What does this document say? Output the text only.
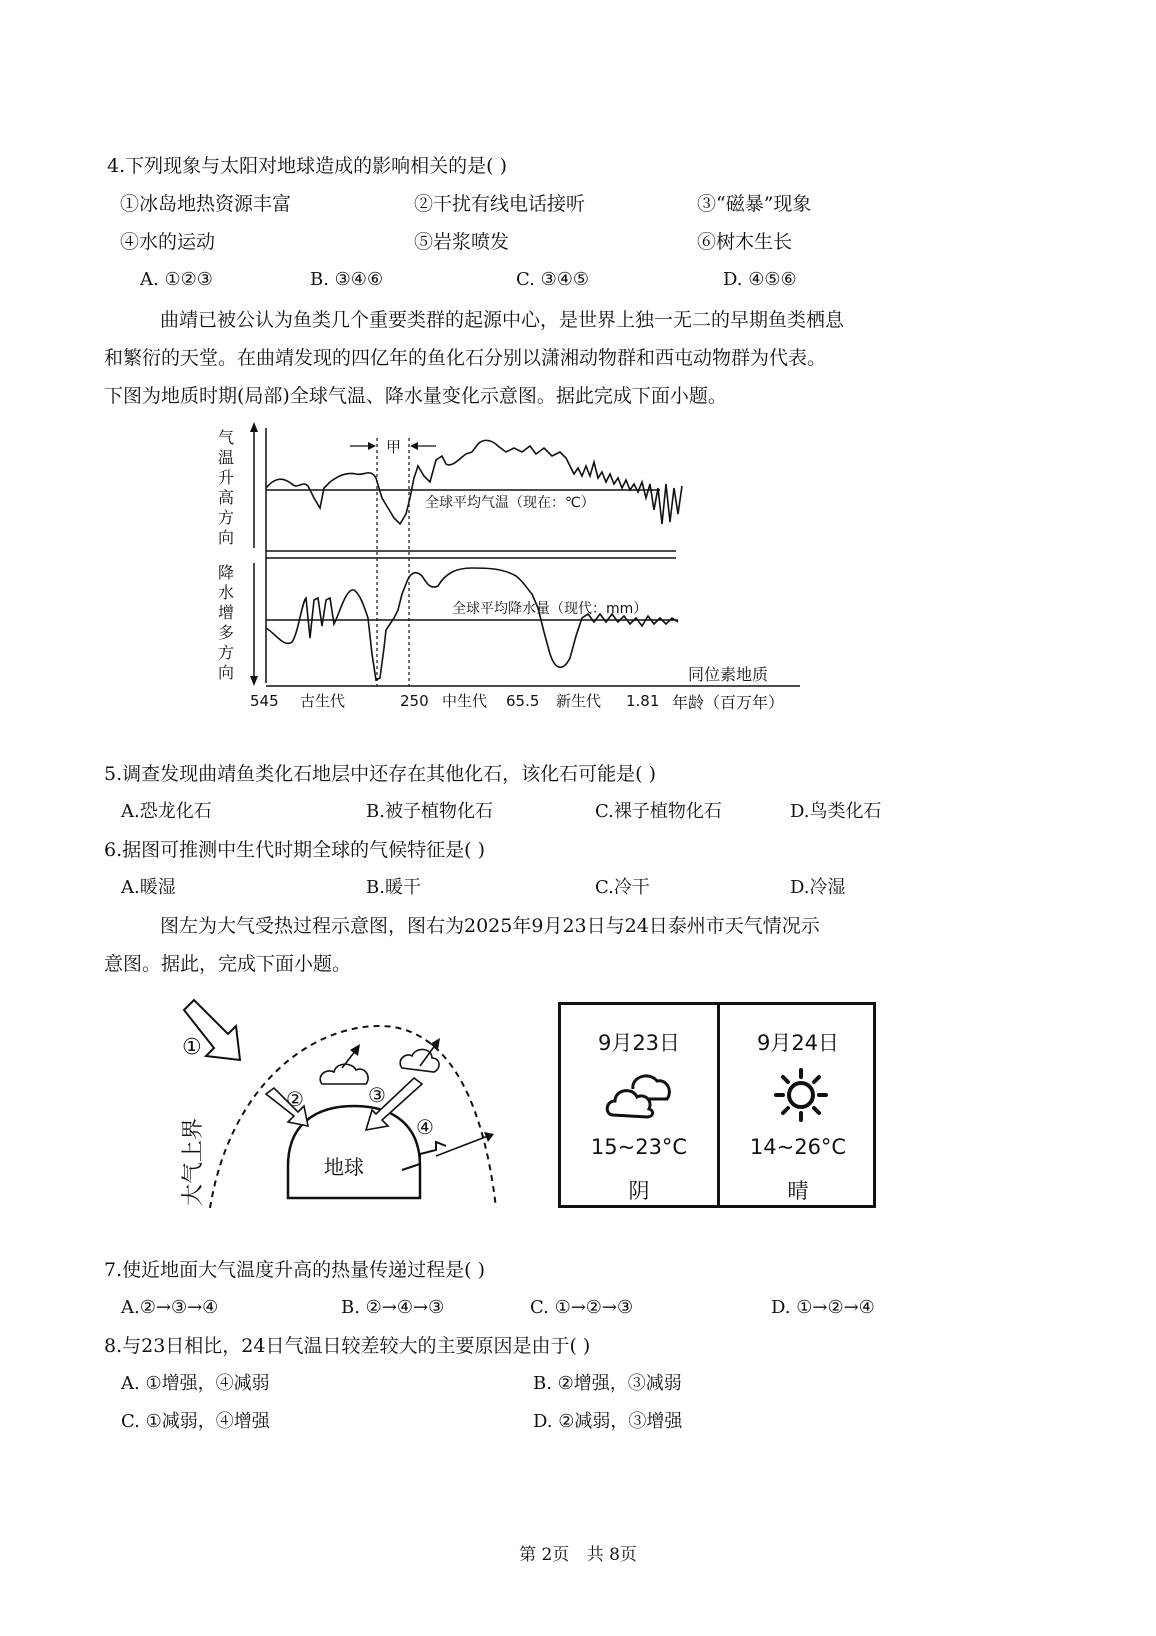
4.下列现象与太阳对地球造成的影响相关的是( )
①冰岛地热资源丰富	②干扰有线电话接听	③“磁暴”现象
④水的运动	⑤岩浆喷发	⑥树木生长
A. ①②③	B. ③④⑥	C. ③④⑤	D. ④⑤⑥
曲靖已被公认为鱼类几个重要类群的起源中心，是世界上独一无二的早期鱼类栖息
和繁衍的天堂。在曲靖发现的四亿年的鱼化石分别以潇湘动物群和西屯动物群为代表。
下图为地质时期(局部)全球气温、降水量变化示意图。据此完成下面小题。
气
温
升
高
方
向
降
水
增
多
方
向
甲
全球平均气温（现在：℃）
全球平均降水量（现代：mm）
545 古生代	250 中生代 65.5 新生代 1.81
同位素地质
年龄（百万年）
5.调查发现曲靖鱼类化石地层中还存在其他化石，该化石可能是( )
A.恐龙化石	B.被子植物化石	C.裸子植物化石	D.鸟类化石
6.据图可推测中生代时期全球的气候特征是( )
A.暖湿	B.暖干	C.冷干	D.冷湿
图左为大气受热过程示意图，图右为2025年9月23日与24日泰州市天气情况示
意图。据此，完成下面小题。
大气上界	地球
①
②	③
④
9月23日
15~23°C
阴
9月24日
14~26°C
晴
7.使近地面大气温度升高的热量传递过程是( )
A.②→③→④	B. ②→④→③	C. ①→②→③	D. ①→②→④
8.与23日相比，24日气温日较差较大的主要原因是由于( )
A. ①增强，④减弱	B. ②增强，③减弱
C. ①减弱，④增强	D. ②减弱，③增强
第 2页 共 8页
